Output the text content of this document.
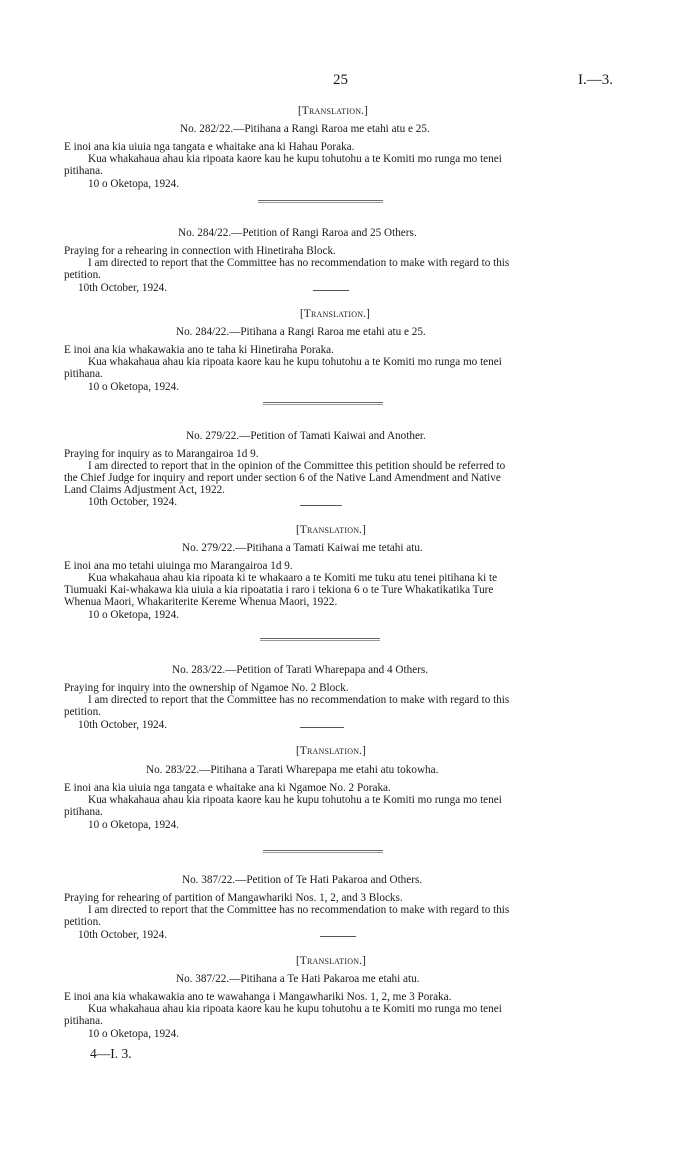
25	I.—3.
[Translation.]
No. 282/22.—Pitihana a Rangi Raroa me etahi atu e 25.
E inoi ana kia uiuia nga tangata e whaitake ana ki Hahau Poraka.
Kua whakahaua ahau kia ripoata kaore kau he kupu tohutohu a te Komiti mo runga mo tenei
pitihana.
10 o Oketopa, 1924.
No. 284/22.—Petition of Rangi Raroa and 25 Others.
Praying for a rehearing in connection with Hinetiraha Block.
I am directed to report that the Committee has no recommendation to make with regard to this
petition.
10th October, 1924.
[Translation.]
No. 284/22.—Pitihana a Rangi Raroa me etahi atu e 25.
E inoi ana kia whakawakia ano te taha ki Hinetiraha Poraka.
Kua whakahaua ahau kia ripoata kaore kau he kupu tohutohu a te Komiti mo runga mo tenei
pitihana.
10 o Oketopa, 1924.
No. 279/22.—Petition of Tamati Kaiwai and Another.
Praying for inquiry as to Marangairoa 1d 9.
I am directed to report that in the opinion of the Committee this petition should be referred to
the Chief Judge for inquiry and report under section 6 of the Native Land Amendment and Native
Land Claims Adjustment Act, 1922.
10th October, 1924.
[Translation.]
No. 279/22.—Pitihana a Tamati Kaiwai me tetahi atu.
E inoi ana mo tetahi uiuinga mo Marangairoa 1d 9.
Kua whakahaua ahau kia ripoata ki te whakaaro a te Komiti me tuku atu tenei pitihana ki te
Tiumuaki Kai-whakawa kia uiuia a kia ripoatatia i raro i tekiona 6 o te Ture Whakatikatika Ture
Whenua Maori, Whakariterite Kereme Whenua Maori, 1922.
10 o Oketopa, 1924.
No. 283/22.—Petition of Tarati Wharepapa and 4 Others.
Praying for inquiry into the ownership of Ngamoe No. 2 Block.
I am directed to report that the Committee has no recommendation to make with regard to this
petition.
10th October, 1924.
[Translation.]
No. 283/22.—Pitihana a Tarati Wharepapa me etahi atu tokowha.
E inoi ana kia uiuia nga tangata e whaitake ana ki Ngamoe No. 2 Poraka.
Kua whakahaua ahau kia ripoata kaore kau he kupu tohutohu a te Komiti mo runga mo tenei
pitihana.
10 o Oketopa, 1924.
No. 387/22.—Petition of Te Hati Pakaroa and Others.
Praying for rehearing of partition of Mangawhariki Nos. 1, 2, and 3 Blocks.
I am directed to report that the Committee has no recommendation to make with regard to this
petition.
10th October, 1924.
[Translation.]
No. 387/22.—Pitihana a Te Hati Pakaroa me etahi atu.
E inoi ana kia whakawakia ano te wawahanga i Mangawhariki Nos. 1, 2, me 3 Poraka.
Kua whakahaua ahau kia ripoata kaore kau he kupu tohutohu a te Komiti mo runga mo tenei
pitihana.
10 o Oketopa, 1924.
4—I. 3.
